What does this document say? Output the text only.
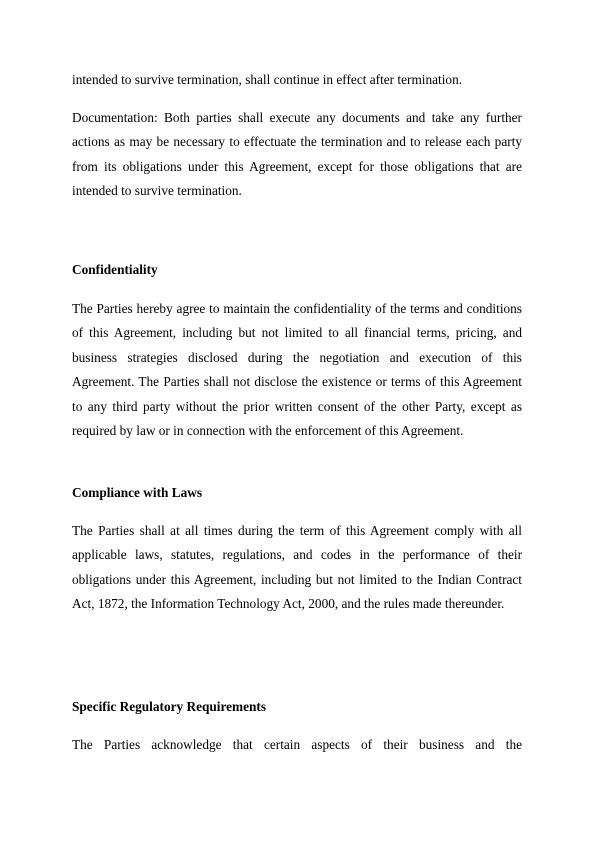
intended to survive termination, shall continue in effect after termination.

Documentation: Both parties shall execute any documents and take any further actions as may be necessary to effectuate the termination and to release each party from its obligations under this Agreement, except for those obligations that are intended to survive termination.

Confidentiality

The Parties hereby agree to maintain the confidentiality of the terms and conditions of this Agreement, including but not limited to all financial terms, pricing, and business strategies disclosed during the negotiation and execution of this Agreement. The Parties shall not disclose the existence or terms of this Agreement to any third party without the prior written consent of the other Party, except as required by law or in connection with the enforcement of this Agreement.

Compliance with Laws

The Parties shall at all times during the term of this Agreement comply with all applicable laws, statutes, regulations, and codes in the performance of their obligations under this Agreement, including but not limited to the Indian Contract Act, 1872, the Information Technology Act, 2000, and the rules made thereunder.

Specific Regulatory Requirements

The Parties acknowledge that certain aspects of their business and the
